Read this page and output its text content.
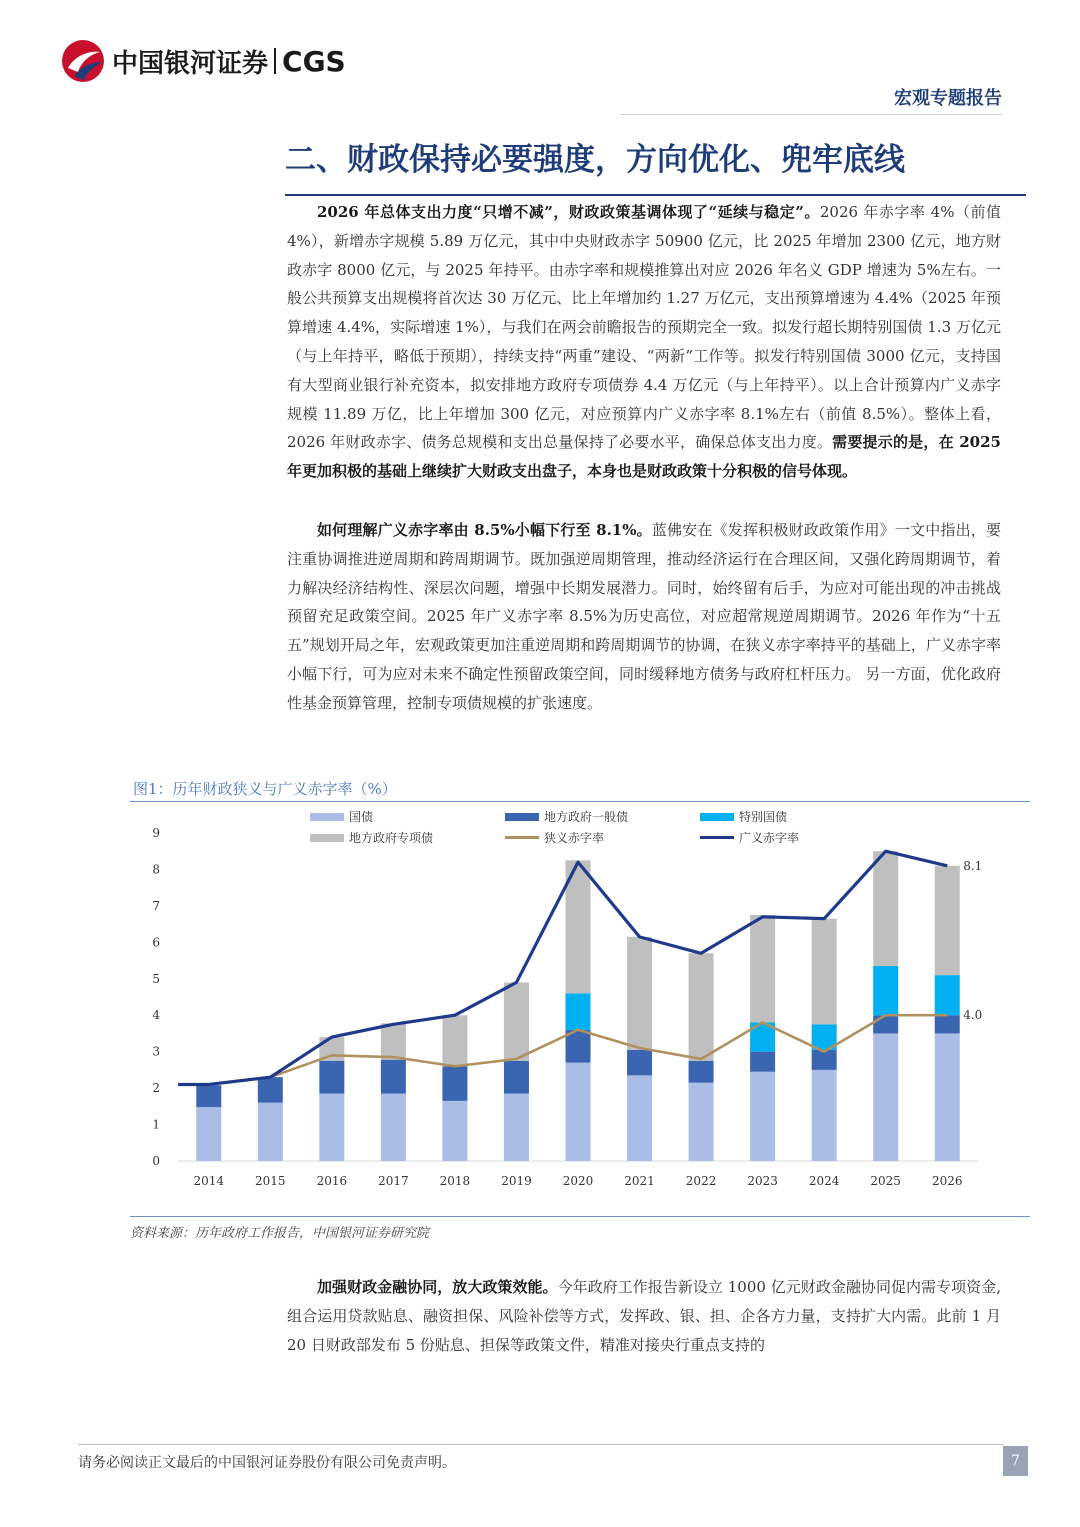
中国银河证券 CGS
宏观专题报告
二、财政保持必要强度，方向优化、兜牢底线

2026 年总体支出力度“只增不减”，财政政策基调体现了“延续与稳定”。2026 年赤字率 4%（前值 4%），新增赤字规模 5.89 万亿元，其中中央财政赤字 50900 亿元，比 2025 年增加 2300 亿元，地方财政赤字 8000 亿元，与 2025 年持平。由赤字率和规模推算出对应 2026 年名义 GDP 增速为 5%左右。一般公共预算支出规模将首次达 30 万亿元、比上年增加约 1.27 万亿元，支出预算增速为 4.4%（2025 年预算增速 4.4%，实际增速 1%），与我们在两会前瞻报告的预期完全一致。拟发行超长期特别国债 1.3 万亿元（与上年持平，略低于预期），持续支持“两重”建设、“两新”工作等。拟发行特别国债 3000 亿元，支持国有大型商业银行补充资本，拟安排地方政府专项债券 4.4 万亿元（与上年持平）。以上合计预算内广义赤字规模 11.89 万亿，比上年增加 300 亿元，对应预算内广义赤字率 8.1%左右（前值 8.5%）。整体上看，2026 年财政赤字、债务总规模和支出总量保持了必要水平，确保总体支出力度。需要提示的是，在 2025 年更加积极的基础上继续扩大财政支出盘子，本身也是财政政策十分积极的信号体现。

如何理解广义赤字率由 8.5%小幅下行至 8.1%。蓝佛安在《发挥积极财政政策作用》一文中指出，要注重协调推进逆周期和跨周期调节。既加强逆周期管理，推动经济运行在合理区间，又强化跨周期调节，着力解决经济结构性、深层次问题，增强中长期发展潜力。同时，始终留有后手，为应对可能出现的冲击挑战预留充足政策空间。2025 年广义赤字率 8.5%为历史高位，对应超常规逆周期调节。2026 年作为“十五五”规划开局之年，宏观政策更加注重逆周期和跨周期调节的协调，在狭义赤字率持平的基础上，广义赤字率小幅下行，可为应对未来不确定性预留政策空间，同时缓释地方债务与政府杠杆压力。 另一方面，优化政府性基金预算管理，控制专项债规模的扩张速度。

图1：历年财政狭义与广义赤字率（%）
国债	地方政府一般债	特别国债
地方政府专项债	狭义赤字率	广义赤字率
0
1
2
3
4
5
6
7
8
9
2014	2015	2016	2017	2018	2019	2020	2021	2022	2023	2024	2025	2026
8.1
4.0
资料来源：历年政府工作报告，中国银河证券研究院

加强财政金融协同，放大政策效能。今年政府工作报告新设立 1000 亿元财政金融协同促内需专项资金,组合运用贷款贴息、融资担保、风险补偿等方式，发挥政、银、担、企各方力量，支持扩大内需。此前 1 月 20 日财政部发布 5 份贴息、担保等政策文件，精准对接央行重点支持的

请务必阅读正文最后的中国银河证券股份有限公司免责声明。	7
